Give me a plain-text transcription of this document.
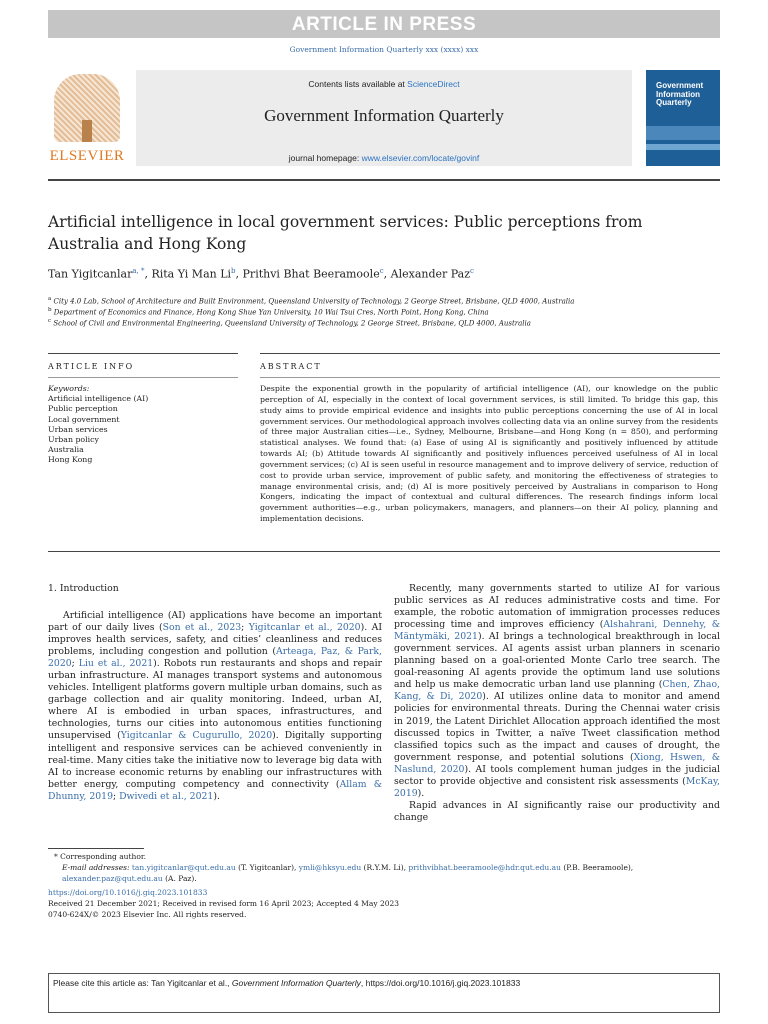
ARTICLE IN PRESS
Government Information Quarterly xxx (xxxx) xxx
ELSEVIER
Contents lists available at ScienceDirect
Government Information Quarterly
journal homepage: www.elsevier.com/locate/govinf
Government Information Quarterly
Artificial intelligence in local government services: Public perceptions from Australia and Hong Kong
Tan Yigitcanlar$^{a, *}$, Rita Yi Man Li$^b$, Prithvi Bhat Beeramoole$^c$, Alexander Paz$^c$
$^a$ City 4.0 Lab, School of Architecture and Built Environment, Queensland University of Technology, 2 George Street, Brisbane, QLD 4000, Australia
$^b$ Department of Economics and Finance, Hong Kong Shue Yan University, 10 Wai Tsui Cres, North Point, Hong Kong, China
$^c$ School of Civil and Environmental Engineering, Queensland University of Technology, 2 George Street, Brisbane, QLD 4000, Australia
ARTICLE INFO	ABSTRACT
Keywords:
Artificial intelligence (AI)
Public perception
Local government
Urban services
Urban policy
Australia
Hong Kong
Despite the exponential growth in the popularity of artificial intelligence (AI), our knowledge on the public perception of AI, especially in the context of local government services, is still limited. To bridge this gap, this study aims to provide empirical evidence and insights into public perceptions concerning the use of AI in local government services. Our methodological approach involves collecting data via an online survey from the residents of three major Australian cities—i.e., Sydney, Melbourne, Brisbane—and Hong Kong (n = 850), and performing statistical analyses. We found that: (a) Ease of using AI is significantly and positively influenced by attitude towards AI; (b) Attitude towards AI significantly and positively influences perceived usefulness of AI in local government services; (c) AI is seen useful in resource management and to improve delivery of service, reduction of cost to provide urban service, improvement of public safety, and monitoring the effectiveness of strategies to manage environmental crisis, and; (d) AI is more positively perceived by Australians in comparison to Hong Kongers, indicating the impact of contextual and cultural differences. The research findings inform local government authorities—e.g., urban policymakers, managers, and planners—on their AI policy, planning and implementation decisions.
1. Introduction

Artificial intelligence (AI) applications have become an important part of our daily lives (Son et al., 2023; Yigitcanlar et al., 2020). AI improves health services, safety, and cities’ cleanliness and reduces problems, including congestion and pollution (Arteaga, Paz, & Park, 2020; Liu et al., 2021). Robots run restaurants and shops and repair urban infrastructure. AI manages transport systems and autonomous vehicles. Intelligent platforms govern multiple urban domains, such as garbage collection and air quality monitoring. Indeed, urban AI, where AI is embodied in urban spaces, infrastructures, and technologies, turns our cities into autonomous entities functioning unsupervised (Yigitcanlar & Cugurullo, 2020). Digitally supporting intelligent and responsive services can be achieved conveniently in real-time. Many cities take the initiative now to leverage big data with AI to increase economic returns by enabling our infrastructures with better energy, computing competency and connectivity (Allam & Dhunny, 2019; Dwivedi et al., 2021).

Recently, many governments started to utilize AI for various public services as AI reduces administrative costs and time. For example, the robotic automation of immigration processes reduces processing time and improves efficiency (Alshahrani, Dennehy, & Mäntymäki, 2021). AI brings a technological breakthrough in local government services. AI agents assist urban planners in scenario planning based on a goal-oriented Monte Carlo tree search. The goal-reasoning AI agents provide the optimum land use solutions and help us make democratic urban land use planning (Chen, Zhao, Kang, & Di, 2020). AI utilizes online data to monitor and amend policies for environmental threats. During the Chennai water crisis in 2019, the Latent Dirichlet Allocation approach identified the most discussed topics in Twitter, a naïve Tweet classification method classified topics such as the impact and causes of drought, the government response, and potential solutions (Xiong, Hswen, & Naslund, 2020). AI tools complement human judges in the judicial sector to provide objective and consistent risk assessments (McKay, 2019).

Rapid advances in AI significantly raise our productivity and change

* Corresponding author.
E-mail addresses: tan.yigitcanlar@qut.edu.au (T. Yigitcanlar), ymli@hksyu.edu (R.Y.M. Li), prithvibhat.beeramoole@hdr.qut.edu.au (P.B. Beeramoole), alexander.paz@qut.edu.au (A. Paz).
https://doi.org/10.1016/j.giq.2023.101833
Received 21 December 2021; Received in revised form 16 April 2023; Accepted 4 May 2023
0740-624X/© 2023 Elsevier Inc. All rights reserved.
Please cite this article as: Tan Yigitcanlar et al., Government Information Quarterly, https://doi.org/10.1016/j.giq.2023.101833
